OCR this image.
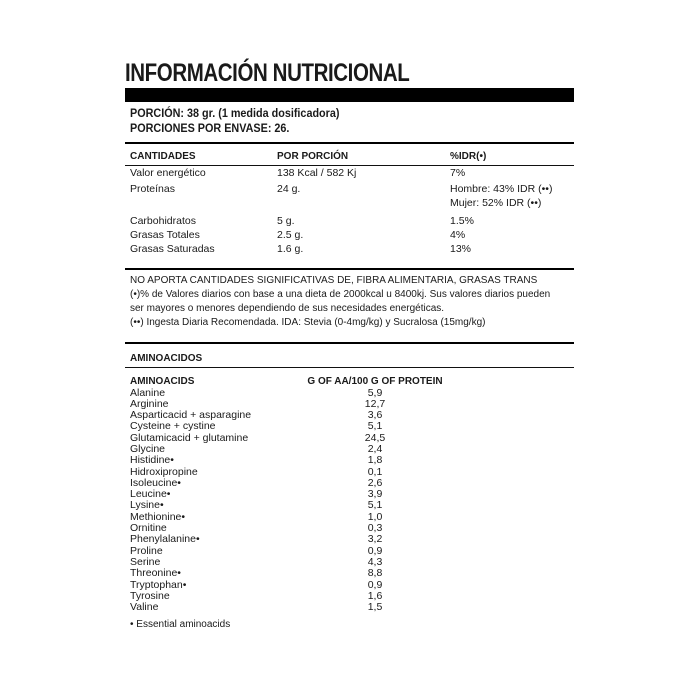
INFORMACIÓN NUTRICIONAL
PORCIÓN: 38 gr. (1 medida dosificadora)
PORCIONES POR ENVASE: 26.
CANTIDADES	POR PORCIÓN	%IDR(•)
Valor energético	138 Kcal / 582 Kj	7%
Proteínas	24 g.	Hombre: 43% IDR (••)
		Mujer: 52% IDR (••)
Carbohidratos	5 g.	1.5%
Grasas Totales	2.5 g.	4%
Grasas Saturadas	1.6 g.	13%
NO APORTA CANTIDADES SIGNIFICATIVAS DE, FIBRA ALIMENTARIA, GRASAS TRANS
(•)% de Valores diarios con base a una dieta de 2000kcal u 8400kj. Sus valores diarios pueden
ser mayores o menores dependiendo de sus necesidades energéticas.
(••) Ingesta Diaria Recomendada. IDA: Stevia (0-4mg/kg) y Sucralosa (15mg/kg)
AMINOACIDOS
AMINOACIDS	G OF AA/100 G OF PROTEIN
Alanine	5,9
Arginine	12,7
Asparticacid + asparagine	3,6
Cysteine + cystine	5,1
Glutamicacid + glutamine	24,5
Glycine	2,4
Histidine•	1,8
Hidroxipropine	0,1
Isoleucine•	2,6
Leucine•	3,9
Lysine•	5,1
Methionine•	1,0
Ornitine	0,3
Phenylalanine•	3,2
Proline	0,9
Serine	4,3
Threonine•	8,8
Tryptophan•	0,9
Tyrosine	1,6
Valine	1,5
• Essential aminoacids
